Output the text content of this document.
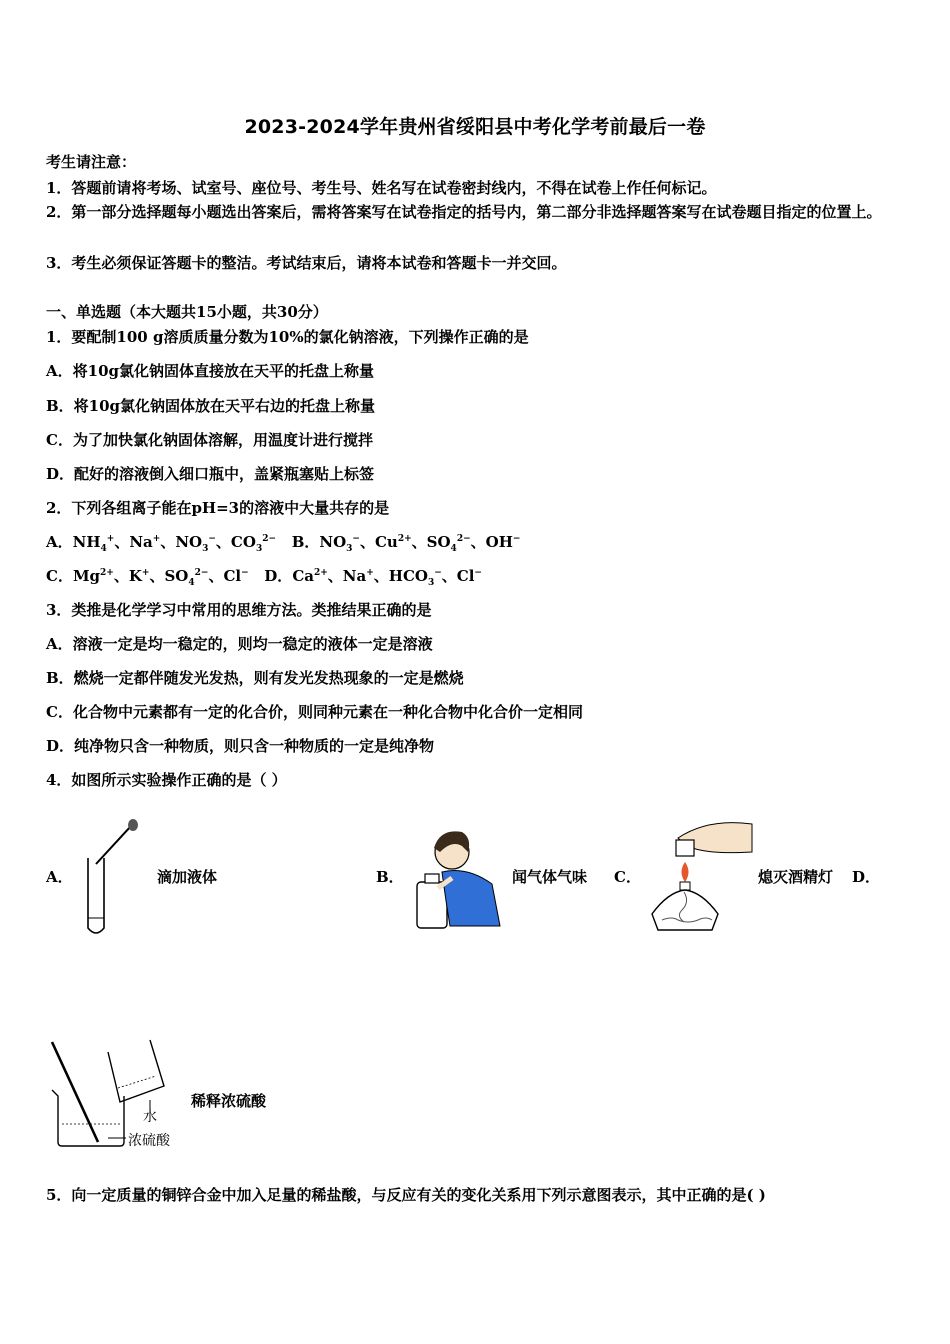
2023-2024学年贵州省绥阳县中考化学考前最后一卷
考生请注意：
1．答题前请将考场、试室号、座位号、考生号、姓名写在试卷密封线内，不得在试卷上作任何标记。
2．第一部分选择题每小题选出答案后，需将答案写在试卷指定的括号内，第二部分非选择题答案写在试卷题目指定的位置上。
3．考生必须保证答题卡的整洁。考试结束后，请将本试卷和答题卡一并交回。
一、单选题（本大题共15小题，共30分）
1．要配制100 g溶质质量分数为10%的氯化钠溶液，下列操作正确的是
A．将10g氯化钠固体直接放在天平的托盘上称量
B．将10g氯化钠固体放在天平右边的托盘上称量
C．为了加快氯化钠固体溶解，用温度计进行搅拌
D．配好的溶液倒入细口瓶中，盖紧瓶塞贴上标签
2．下列各组离子能在pH=3的溶液中大量共存的是
A．$NH_4^+$、Na+、$NO_3^-$、$CO_3^{2-}$ B．$NO_3^-$、$Cu^{2+}$、$SO_4^{2-}$、OH−
C．$Mg^{2+}$、K+、$SO_4^{2-}$、Cl− D．$Ca^{2+}$、Na+、$HCO_3^-$、Cl−
3．类推是化学学习中常用的思维方法。类推结果正确的是
A．溶液一定是均一稳定的，则均一稳定的液体一定是溶液
B．燃烧一定都伴随发光发热，则有发光发热现象的一定是燃烧
C．化合物中元素都有一定的化合价，则同种元素在一种化合物中化合价一定相同
D．纯净物只含一种物质，则只含一种物质的一定是纯净物
4．如图所示实验操作正确的是（ ）
A．	滴加液体	B．	闻气体气味 C．	熄灭酒精灯 D．
水
浓硫酸
稀释浓硫酸
5．向一定质量的铜锌合金中加入足量的稀盐酸，与反应有关的变化关系用下列示意图表示，其中正确的是( )
